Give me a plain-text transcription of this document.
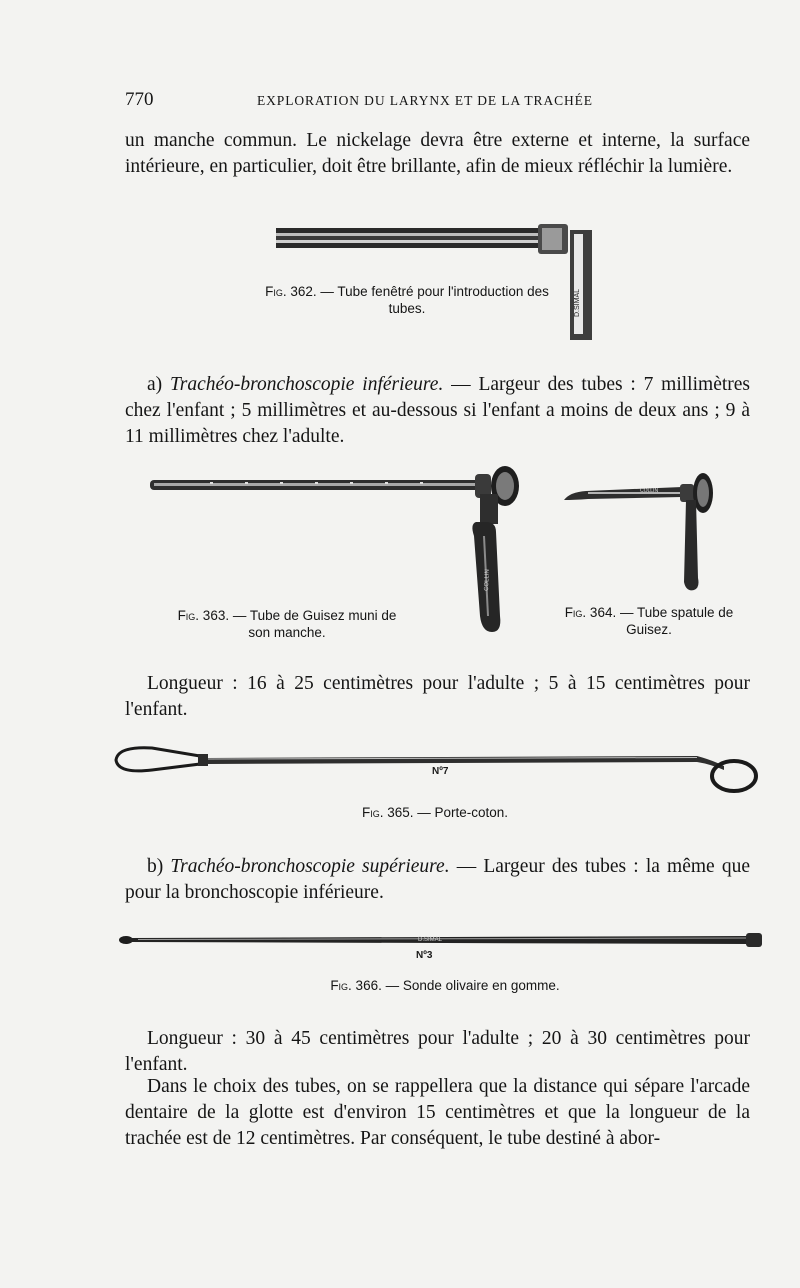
770	EXPLORATION DU LARYNX ET DE LA TRACHÉE
un manche commun. Le nickelage devra être externe et interne, la surface intérieure, en particulier, doit être brillante, afin de mieux réfléchir la lumière.
D.SIMAL
Fig. 362. — Tube fenêtré pour l'introduction des tubes.
a) Trachéo-bronchoscopie inférieure. — Largeur des tubes : 7 millimètres chez l'enfant ; 5 millimètres et au-dessous si l'enfant a moins de deux ans ; 9 à 11 millimètres chez l'adulte.
COLLIN
Fig. 363. — Tube de Guisez muni de son manche.
COLLIN
Fig. 364. — Tube spatule de Guisez.
Longueur : 16 à 25 centimètres pour l'adulte ; 5 à 15 centimètres pour l'enfant.
Nº7
Fig. 365. — Porte-coton.
b) Trachéo-bronchoscopie supérieure. — Largeur des tubes : la même que pour la bronchoscopie inférieure.
D.SIMAL
Nº3
Fig. 366. — Sonde olivaire en gomme.
Longueur : 30 à 45 centimètres pour l'adulte ; 20 à 30 centimètres pour l'enfant.
Dans le choix des tubes, on se rappellera que la distance qui sépare l'arcade dentaire de la glotte est d'environ 15 centimètres et que la longueur de la trachée est de 12 centimètres. Par conséquent, le tube destiné à abor-
